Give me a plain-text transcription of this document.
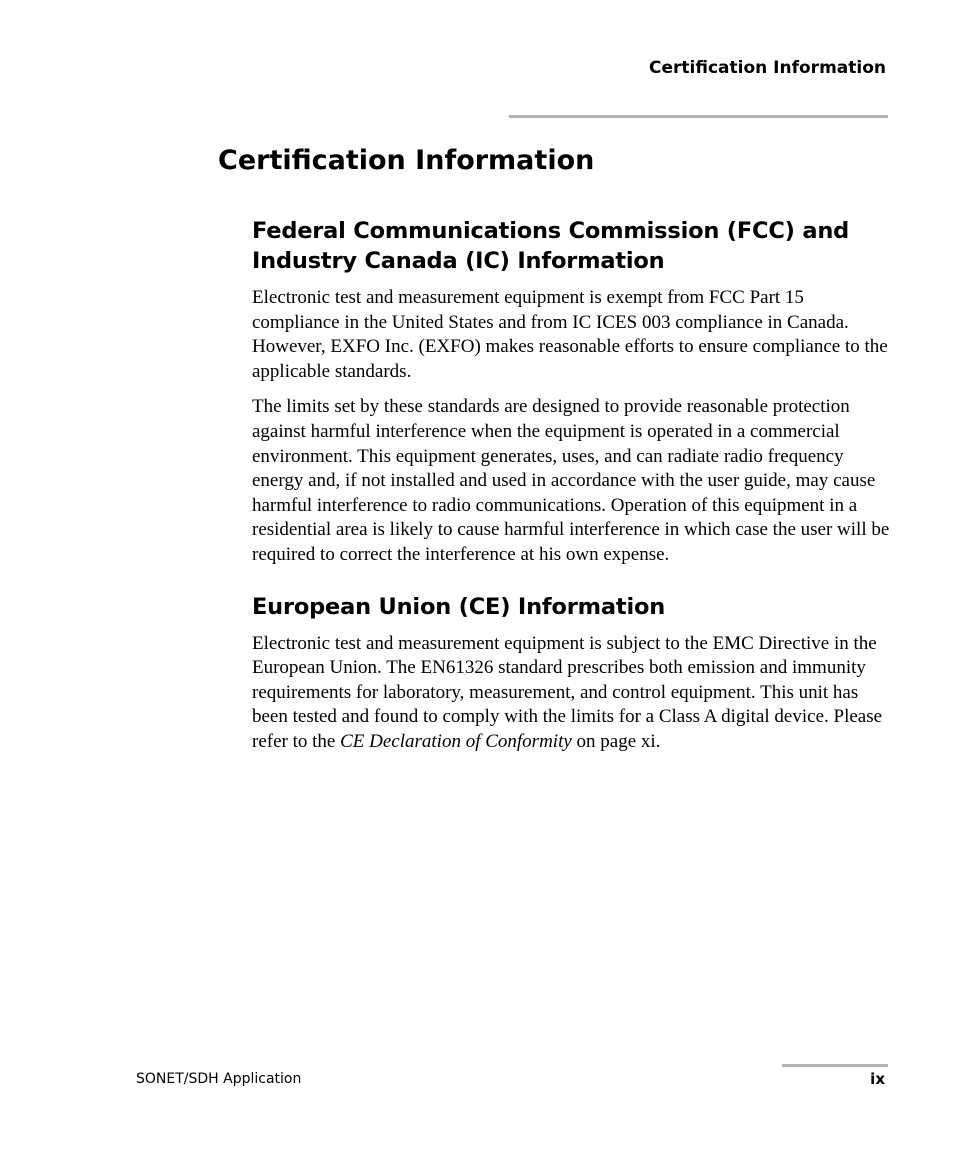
Certification Information

Certification Information
Federal Communications Commission (FCC) and Industry Canada (IC) Information

Electronic test and measurement equipment is exempt from FCC Part 15 compliance in the United States and from IC ICES 003 compliance in Canada. However, EXFO Inc. (EXFO) makes reasonable efforts to ensure compliance to the applicable standards.

The limits set by these standards are designed to provide reasonable protection against harmful interference when the equipment is operated in a commercial environment. This equipment generates, uses, and can radiate radio frequency energy and, if not installed and used in accordance with the user guide, may cause harmful interference to radio communications. Operation of this equipment in a residential area is likely to cause harmful interference in which case the user will be required to correct the interference at his own expense.

European Union (CE) Information

Electronic test and measurement equipment is subject to the EMC Directive in the European Union. The EN61326 standard prescribes both emission and immunity requirements for laboratory, measurement, and control equipment. This unit has been tested and found to comply with the limits for a Class A digital device. Please refer to the CE Declaration of Conformity on page xi.

SONET/SDH Application	ix
